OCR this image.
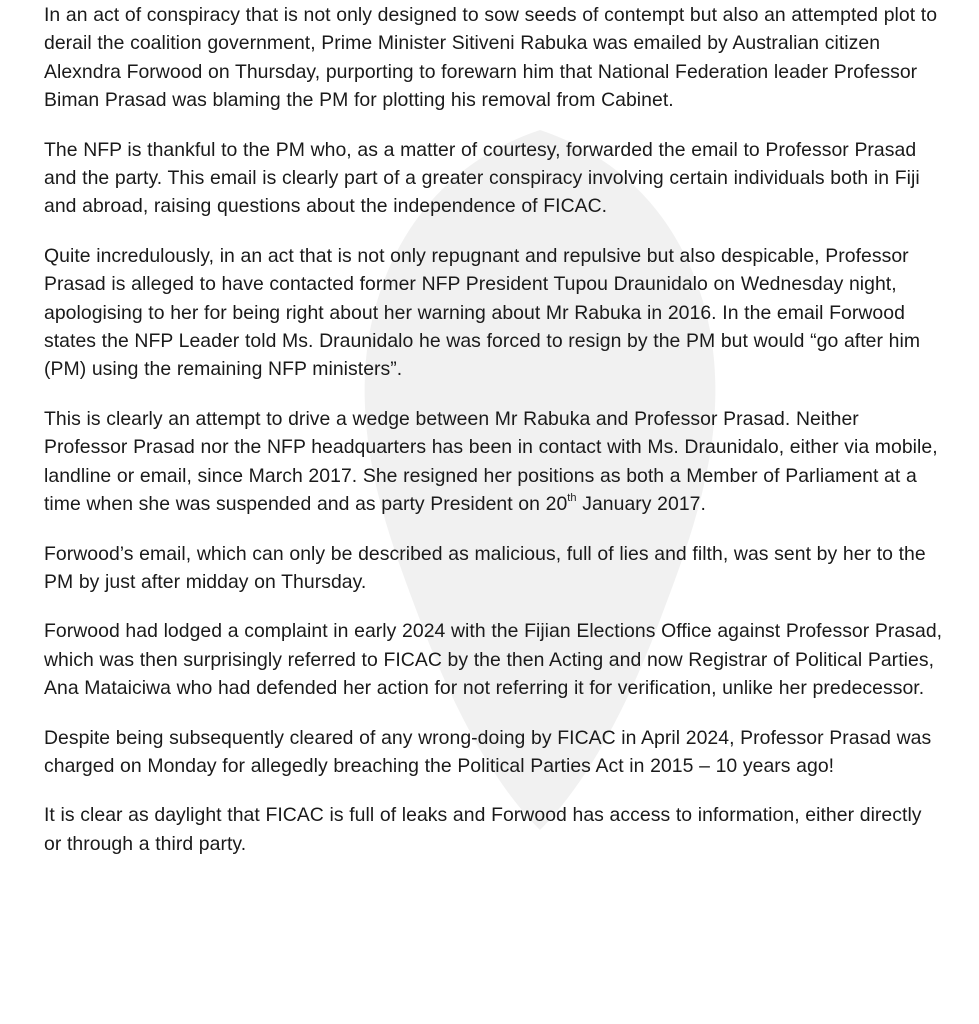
In an act of conspiracy that is not only designed to sow seeds of contempt but also an attempted plot to derail the coalition government, Prime Minister Sitiveni Rabuka was emailed by Australian citizen Alexndra Forwood on Thursday, purporting to forewarn him that National Federation leader Professor Biman Prasad was blaming the PM for plotting his removal from Cabinet.

The NFP is thankful to the PM who, as a matter of courtesy, forwarded the email to Professor Prasad and the party. This email is clearly part of a greater conspiracy involving certain individuals both in Fiji and abroad, raising questions about the independence of FICAC.

Quite incredulously, in an act that is not only repugnant and repulsive but also despicable, Professor Prasad is alleged to have contacted former NFP President Tupou Draunidalo on Wednesday night, apologising to her for being right about her warning about Mr Rabuka in 2016. In the email Forwood states the NFP Leader told Ms. Draunidalo he was forced to resign by the PM but would “go after him (PM) using the remaining NFP ministers”.

This is clearly an attempt to drive a wedge between Mr Rabuka and Professor Prasad. Neither Professor Prasad nor the NFP headquarters has been in contact with Ms. Draunidalo, either via mobile, landline or email, since March 2017. She resigned her positions as both a Member of Parliament at a time when she was suspended and as party President on 20th January 2017.

Forwood’s email, which can only be described as malicious, full of lies and filth, was sent by her to the PM by just after midday on Thursday.

Forwood had lodged a complaint in early 2024 with the Fijian Elections Office against Professor Prasad, which was then surprisingly referred to FICAC by the then Acting and now Registrar of Political Parties, Ana Mataiciwa who had defended her action for not referring it for verification, unlike her predecessor.

Despite being subsequently cleared of any wrong-doing by FICAC in April 2024, Professor Prasad was charged on Monday for allegedly breaching the Political Parties Act in 2015 – 10 years ago!

It is clear as daylight that FICAC is full of leaks and Forwood has access to information, either directly or through a third party.
